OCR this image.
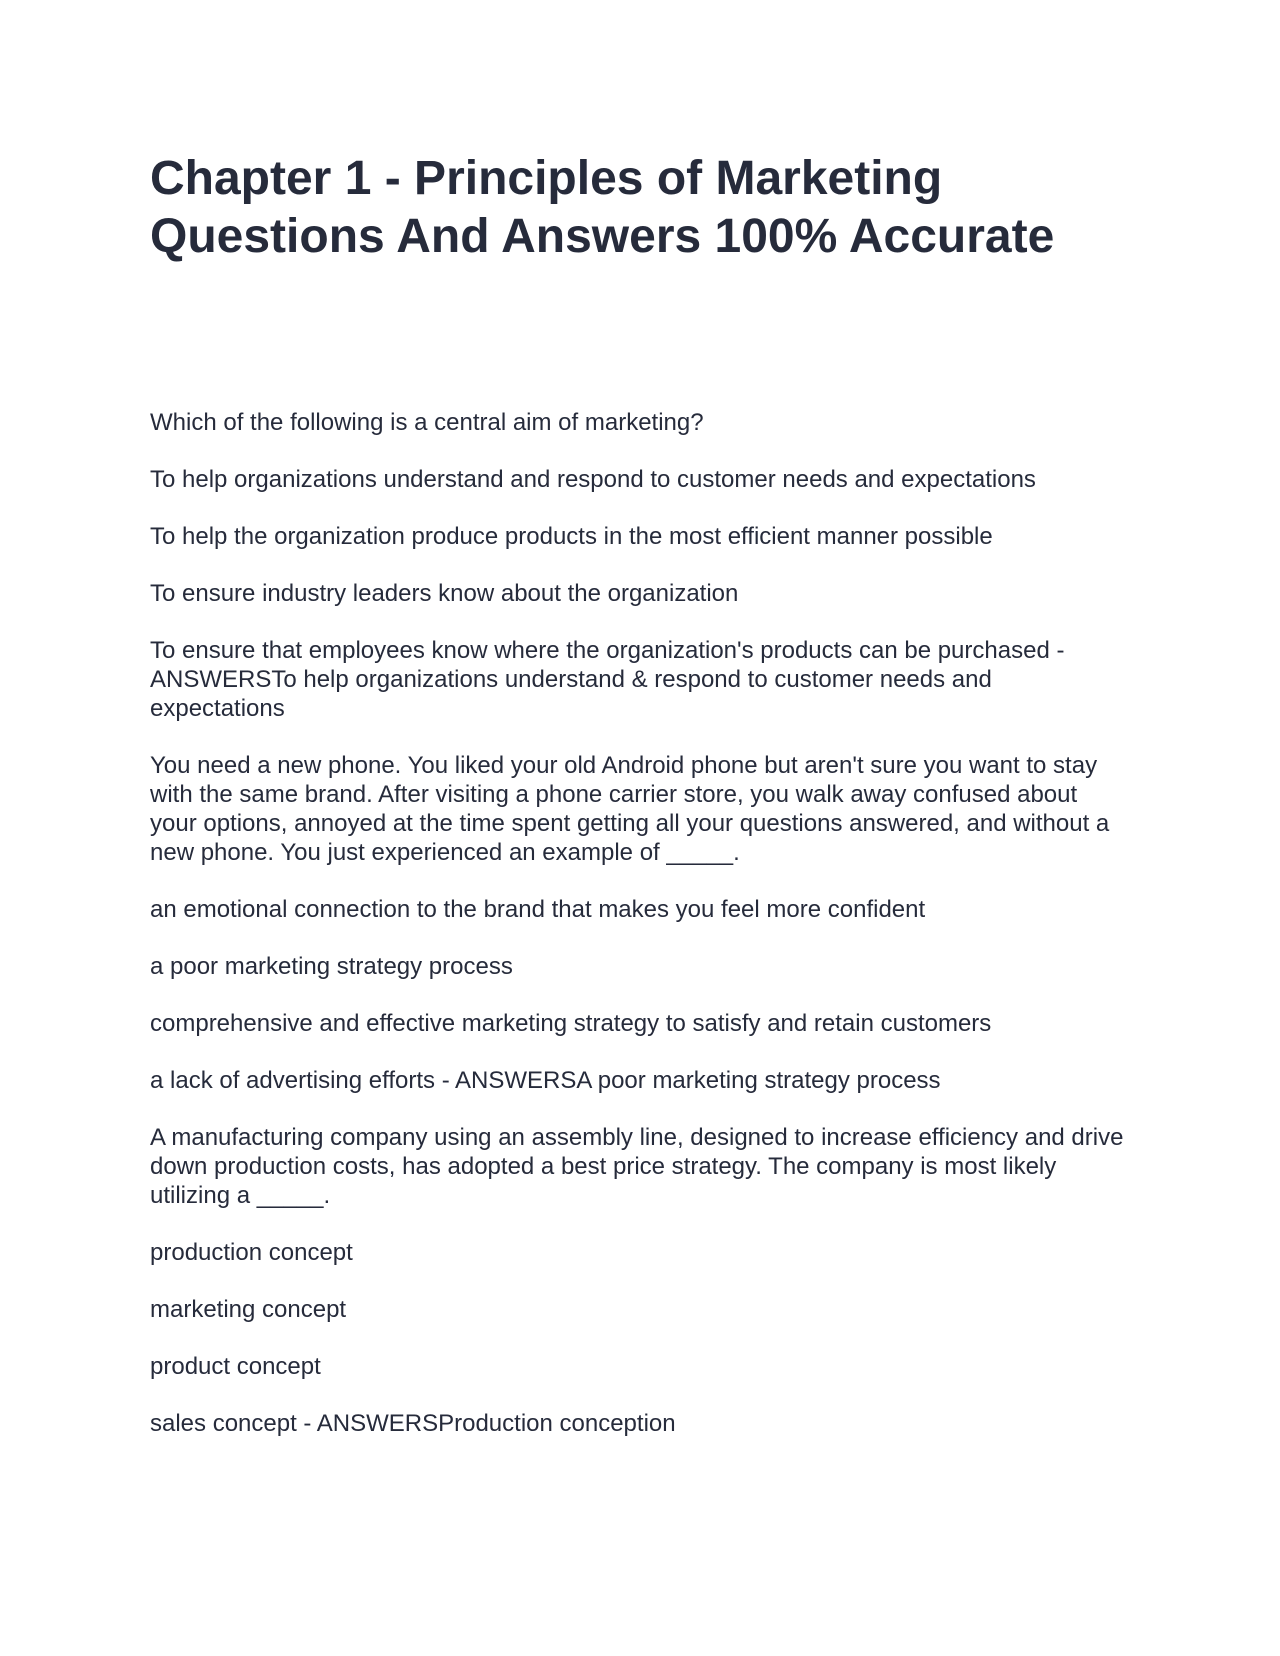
Chapter 1 - Principles of Marketing Questions And Answers 100% Accurate

Which of the following is a central aim of marketing?

To help organizations understand and respond to customer needs and expectations

To help the organization produce products in the most efficient manner possible

To ensure industry leaders know about the organization

To ensure that employees know where the organization's products can be purchased - ANSWERSTo help organizations understand & respond to customer needs and expectations

You need a new phone. You liked your old Android phone but aren't sure you want to stay with the same brand. After visiting a phone carrier store, you walk away confused about your options, annoyed at the time spent getting all your questions answered, and without a new phone. You just experienced an example of _____.

an emotional connection to the brand that makes you feel more confident

a poor marketing strategy process

comprehensive and effective marketing strategy to satisfy and retain customers

a lack of advertising efforts - ANSWERSA poor marketing strategy process

A manufacturing company using an assembly line, designed to increase efficiency and drive down production costs, has adopted a best price strategy. The company is most likely utilizing a _____.

production concept

marketing concept

product concept

sales concept - ANSWERSProduction conception
